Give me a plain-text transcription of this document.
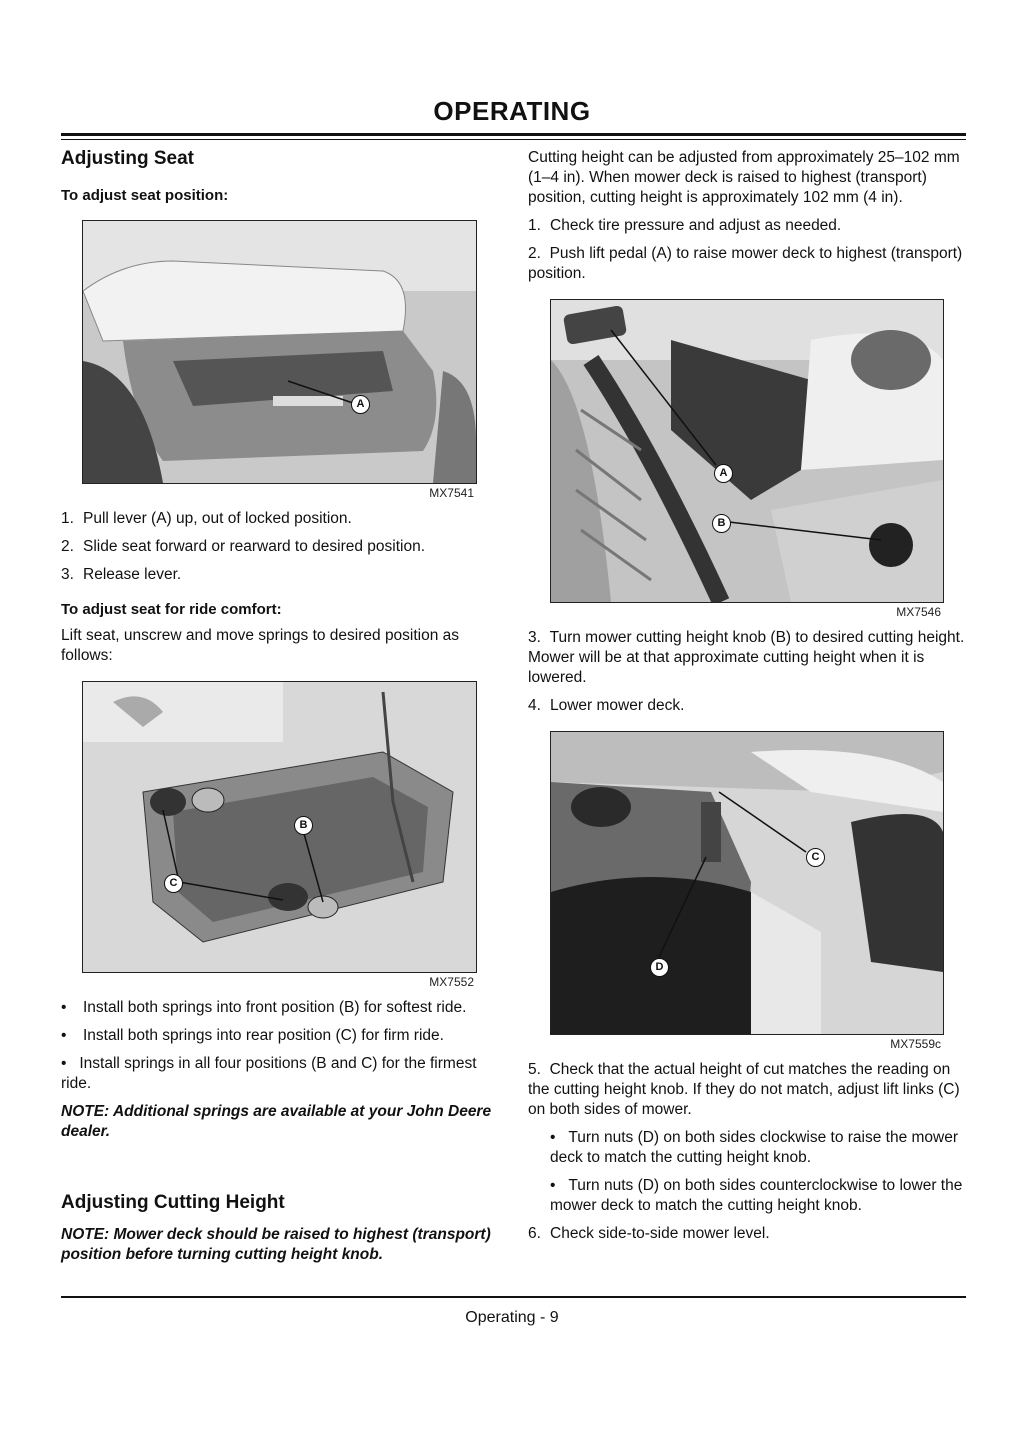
OPERATING
Adjusting Seat
To adjust seat position:
A
MX7541
1. Pull lever (A) up, out of locked position.
2. Slide seat forward or rearward to desired position.
3. Release lever.
To adjust seat for ride comfort:

Lift seat, unscrew and move springs to desired position as follows:

B
C
MX7552
•	Install both springs into front position (B) for softest ride.
•	Install both springs into rear position (C) for firm ride.

• Install springs in all four positions (B and C) for the firmest ride.

NOTE: Additional springs are available at your John Deere dealer.

Adjusting Cutting Height

NOTE: Mower deck should be raised to highest (transport) position before turning cutting height knob.

Cutting height can be adjusted from approximately 25–102 mm (1–4 in). When mower deck is raised to highest (transport) position, cutting height is approximately 102 mm (4 in).

1. Check tire pressure and adjust as needed.

2. Push lift pedal (A) to raise mower deck to highest (transport) position.

A
B
MX7546

3. Turn mower cutting height knob (B) to desired cutting height. Mower will be at that approximate cutting height when it is lowered.

4. Lower mower deck.
C
D
MX7559c

5. Check that the actual height of cut matches the reading on the cutting height knob. If they do not match, adjust lift links (C) on both sides of mower.

• Turn nuts (D) on both sides clockwise to raise the mower deck to match the cutting height knob.

• Turn nuts (D) on both sides counterclockwise to lower the mower deck to match the cutting height knob.

6. Check side-to-side mower level.
Operating - 9
